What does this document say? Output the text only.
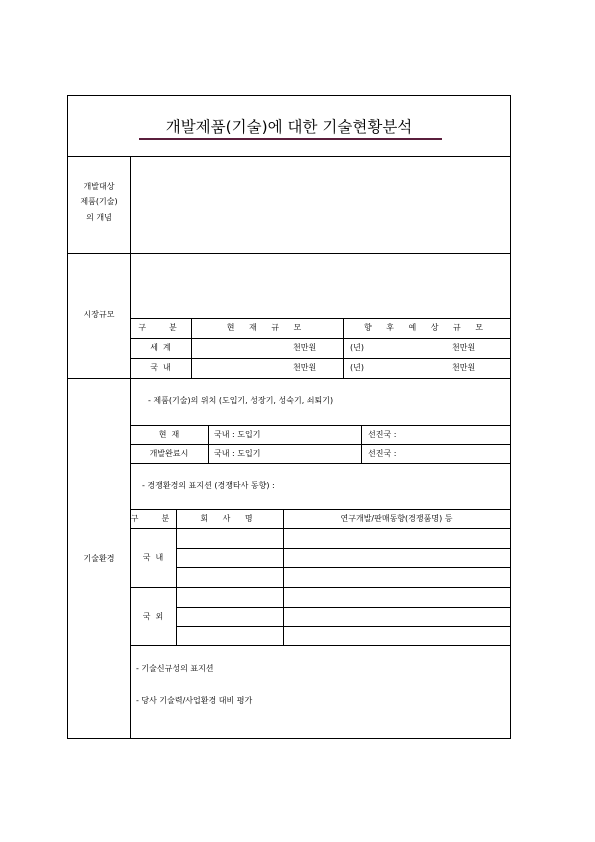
개발제품(기술)에 대한 기술현황분석
개발대상
제품(기술)
의 개념
시장규모
구  분	현 재 규 모	향 후 예 상 규 모
세  계	천만원	(년)	천만원
국  내	천만원	(년)	천만원
기술환경
- 제품(기술)의 위치 (도입기, 성장기, 성숙기, 쇠퇴기)
현  재	국내 : 도입기	선진국 :
개발완료시	국내 : 도입기	선진국 :
- 경쟁환경의 표지션 (경쟁타사 동향) :
구  분	회 사 명	연구개발/판매동향(경쟁품명) 등
국  내
국  외
- 기술신규성의 표지션
- 당사 기술력/사업환경 대비 평가
